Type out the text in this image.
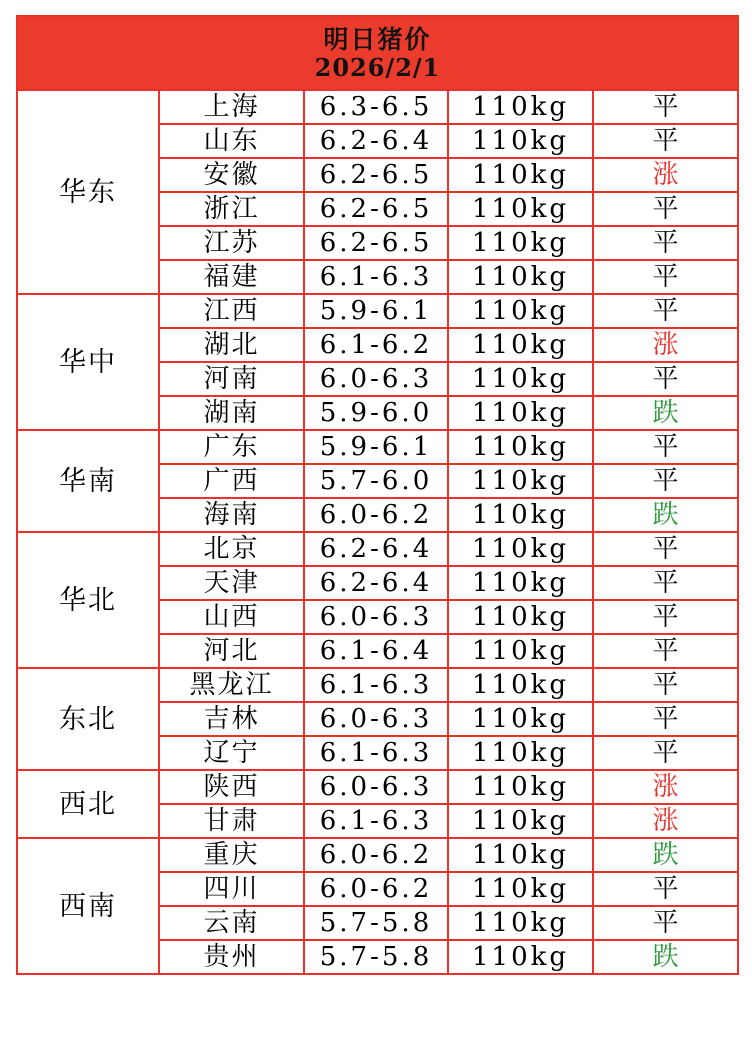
明日猪价
2026/2/1				

华东	上海	6.3-6.5	110kg	平
	山东	6.2-6.4	110kg	平
	安徽	6.2-6.5	110kg	涨
	浙江	6.2-6.5	110kg	平
	江苏	6.2-6.5	110kg	平
	福建	6.1-6.3	110kg	平
华中	江西	5.9-6.1	110kg	平
	湖北	6.1-6.2	110kg	涨
	河南	6.0-6.3	110kg	平
	湖南	5.9-6.0	110kg	跌
华南	广东	5.9-6.1	110kg	平
	广西	5.7-6.0	110kg	平
	海南	6.0-6.2	110kg	跌
华北	北京	6.2-6.4	110kg	平
	天津	6.2-6.4	110kg	平
	山西	6.0-6.3	110kg	平
	河北	6.1-6.4	110kg	平
东北	黑龙江	6.1-6.3	110kg	平
	吉林	6.0-6.3	110kg	平
	辽宁	6.1-6.3	110kg	平
西北	陕西	6.0-6.3	110kg	涨
	甘肃	6.1-6.3	110kg	涨
西南	重庆	6.0-6.2	110kg	跌
	四川	6.0-6.2	110kg	平
	云南	5.7-5.8	110kg	平
	贵州	5.7-5.8	110kg	跌
